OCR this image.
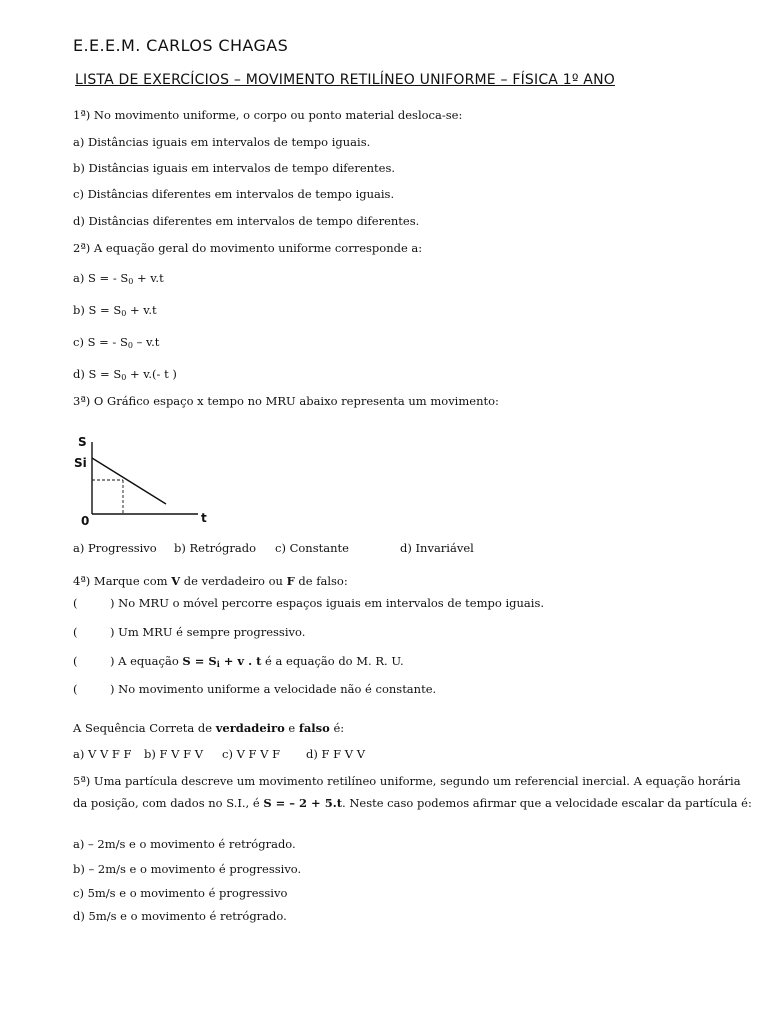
E.E.E.M. CARLOS CHAGAS
LISTA DE EXERCÍCIOS – MOVIMENTO RETILÍNEO UNIFORME – FÍSICA 1º ANO
1ª) No movimento uniforme, o corpo ou ponto material desloca-se:
a) Distâncias iguais em intervalos de tempo iguais.
b) Distâncias iguais em intervalos de tempo diferentes.
c) Distâncias diferentes em intervalos de tempo iguais.
d) Distâncias diferentes em intervalos de tempo diferentes.
2ª) A equação geral do movimento uniforme corresponde a:
a) S = - $S_0 + v.t$
b) $S = S_0 + v.t$
c) S = - $S_0 - v.t$
d) $S = S_0 + v.(-$ t )
3ª) O Gráfico espaço x tempo no MRU abaixo representa um movimento:
S
Si
0	t
a) Progressivo b) Retrógrado c) Constante	d) Invariável
4ª) Marque com V de verdadeiro ou F de falso:
(	) No MRU o móvel percorre espaços iguais em intervalos de tempo iguais.
(	) Um MRU é sempre progressivo.
(	) A equação $S = S_i + v$ . t é a equação do M. R. U.
(	) No movimento uniforme a velocidade não é constante.
A Sequência Correta de verdadeiro e falso é:
a) V V F F b) F V F V c) V F V F d) F F V V
5ª) Uma partícula descreve um movimento retilíneo uniforme, segundo um referencial inercial. A equação horária
da posição, com dados no S.I., é S = – 2 + 5.t. Neste caso podemos afirmar que a velocidade escalar da partícula é:
a) – 2m/s e o movimento é retrógrado.
b) – 2m/s e o movimento é progressivo.
c) 5m/s e o movimento é progressivo
d) 5m/s e o movimento é retrógrado.
